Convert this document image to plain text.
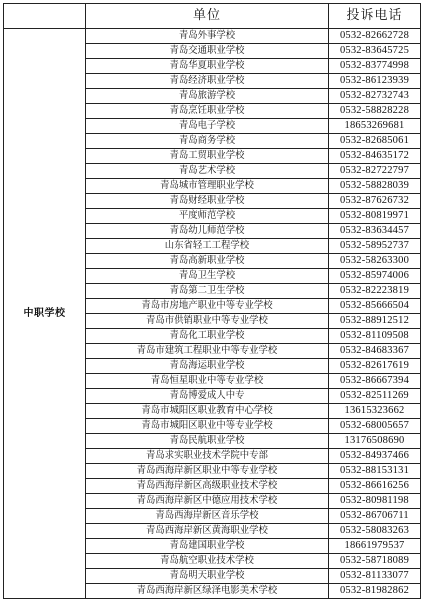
	单位	投诉电话
中职学校	青岛外事学校	0532-82662728
	青岛交通职业学校	0532-83645725
	青岛华夏职业学校	0532-83774998
	青岛经济职业学校	0532-86123939
	青岛旅游学校	0532-82732743
	青岛烹饪职业学校	0532-58828228
	青岛电子学校	18653269681
	青岛商务学校	0532-82685061
	青岛工贸职业学校	0532-84635172
	青岛艺术学校	0532-82722797
	青岛城市管理职业学校	0532-58828039
	青岛财经职业学校	0532-87626732
	平度师范学校	0532-80819971
	青岛幼儿师范学校	0532-83634457
	山东省轻工工程学校	0532-58952737
	青岛高新职业学校	0532-58263300
	青岛卫生学校	0532-85974006
	青岛第二卫生学校	0532-82223819
	青岛市房地产职业中等专业学校	0532-85666504
	青岛市供销职业中等专业学校	0532-88912512
	青岛化工职业学校	0532-81109508
	青岛市建筑工程职业中等专业学校	0532-84683367
	青岛海运职业学校	0532-82617619
	青岛恒星职业中等专业学校	0532-86667394
	青岛博爱成人中专	0532-82511269
	青岛市城阳区职业教育中心学校	13615323662
	青岛市城阳区职业中等专业学校	0532-68005657
	青岛民航职业学校	13176508690
	青岛求实职业技术学院中专部	0532-84937466
	青岛西海岸新区职业中等专业学校	0532-88153131
	青岛西海岸新区高级职业技术学校	0532-86616256
	青岛西海岸新区中德应用技术学校	0532-80981198
	青岛西海岸新区音乐学校	0532-86706711
	青岛西海岸新区黄海职业学校	0532-58083263
	青岛建国职业学校	18661979537
	青岛航空职业技术学校	0532-58718089
	青岛明天职业学校	0532-81133077
	青岛西海岸新区绿泽电影美术学校	0532-81982862
